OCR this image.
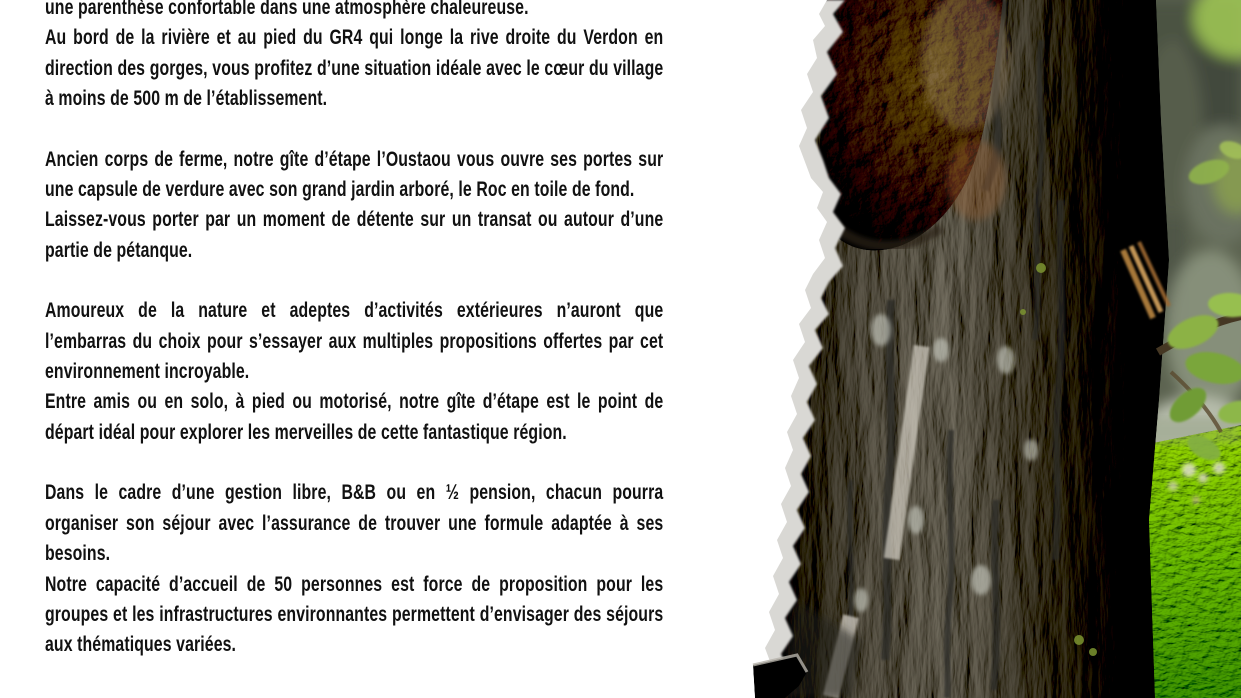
une parenthèse confortable dans une atmosphère chaleureuse.

Au bord de la rivière et au pied du GR4 qui longe la rive droite du Verdon en direction des gorges, vous profitez d’une situation idéale avec le cœur du village à moins de 500 m de l’établissement.

Ancien corps de ferme, notre gîte d’étape l’Oustaou vous ouvre ses portes sur une capsule de verdure avec son grand jardin arboré, le Roc en toile de fond.

Laissez-vous porter par un moment de détente sur un transat ou autour d’une partie de pétanque.

Amoureux de la nature et adeptes d’activités extérieures n’auront que l’embarras du choix pour s’essayer aux multiples propositions offertes par cet environnement incroyable.

Entre amis ou en solo, à pied ou motorisé, notre gîte d’étape est le point de départ idéal pour explorer les merveilles de cette fantastique région.

Dans le cadre d’une gestion libre, B&B ou en ½ pension, chacun pourra organiser son séjour avec l’assurance de trouver une formule adaptée à ses besoins.

Notre capacité d’accueil de 50 personnes est force de proposition pour les groupes et les infrastructures environnantes permettent d’envisager des séjours aux thématiques variées.
